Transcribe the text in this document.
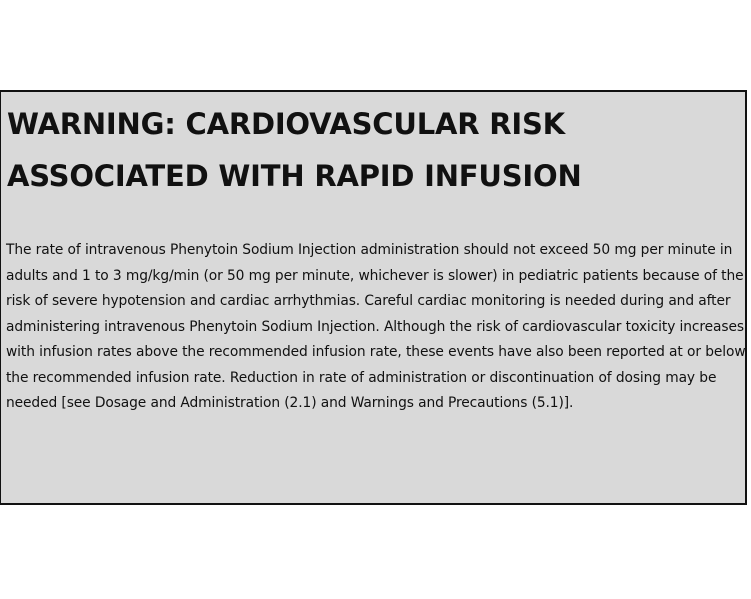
WARNING: CARDIOVASCULAR RISK ASSOCIATED WITH RAPID INFUSION

The rate of intravenous Phenytoin Sodium Injection administration should not exceed 50 mg per minute in adults and 1 to 3 mg/kg/min (or 50 mg per minute, whichever is slower) in pediatric patients because of the risk of severe hypotension and cardiac arrhythmias. Careful cardiac monitoring is needed during and after administering intravenous Phenytoin Sodium Injection. Although the risk of cardiovascular toxicity increases with infusion rates above the recommended infusion rate, these events have also been reported at or below the recommended infusion rate. Reduction in rate of administration or discontinuation of dosing may be needed [see Dosage and Administration (2.1) and Warnings and Precautions (5.1)].
